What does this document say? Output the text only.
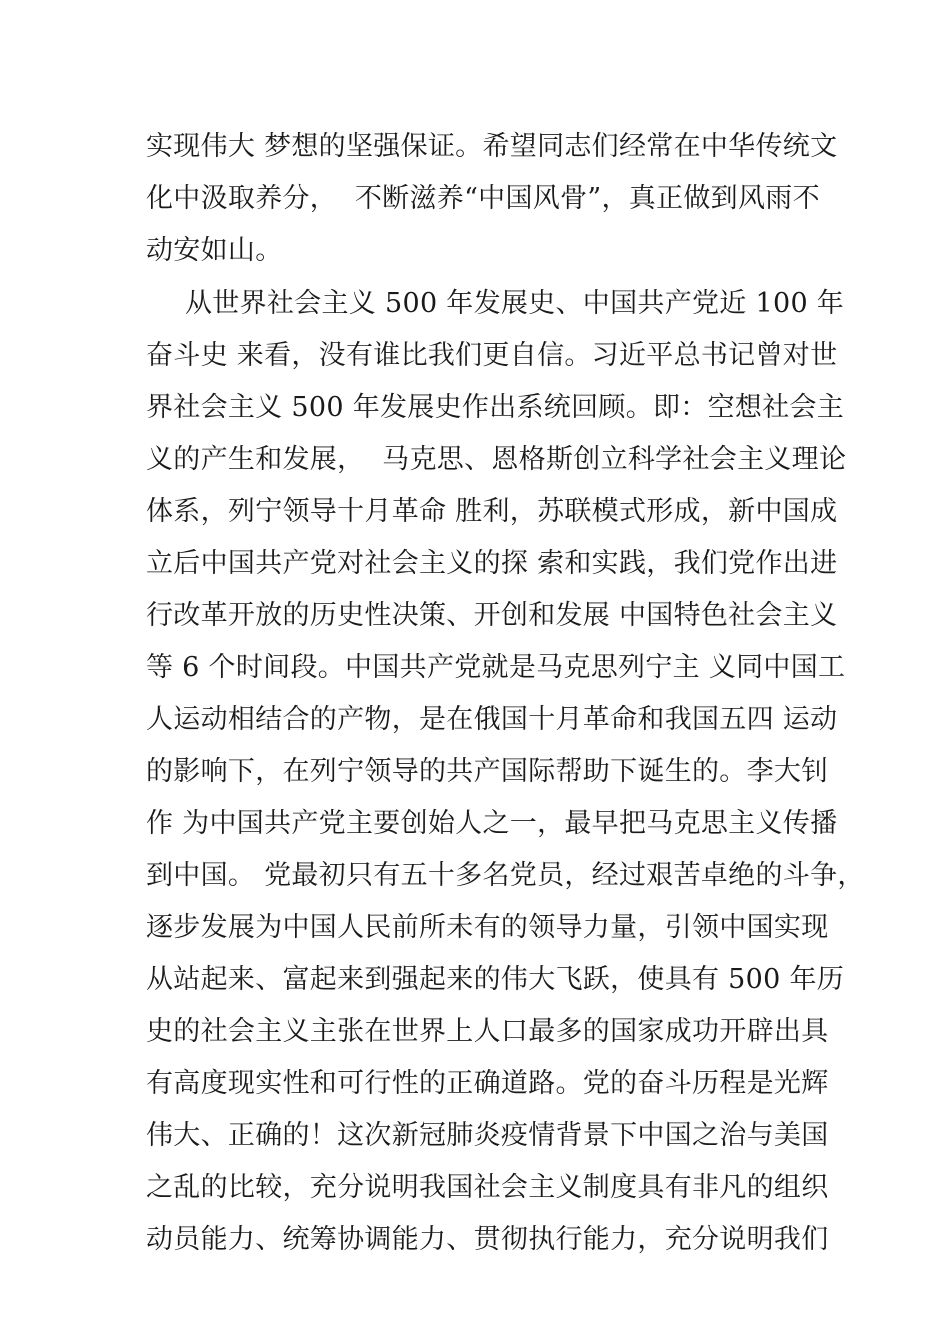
实现伟大 梦想的坚强保证。希望同志们经常在中华传统文
化中汲取养分，  不断滋养“中国风骨”，真正做到风雨不
动安如山。
从世界社会主义 500 年发展史、中国共产党近 100 年
奋斗史 来看，没有谁比我们更自信。习近平总书记曾对世
界社会主义 500 年发展史作出系统回顾。即：空想社会主
义的产生和发展，  马克思、恩格斯创立科学社会主义理论
体系，列宁领导十月革命 胜利，苏联模式形成，新中国成
立后中国共产党对社会主义的探 索和实践，我们党作出进
行改革开放的历史性决策、开创和发展 中国特色社会主义
等 6 个时间段。中国共产党就是马克思列宁主 义同中国工
人运动相结合的产物，是在俄国十月革命和我国五四 运动
的影响下，在列宁领导的共产国际帮助下诞生的。李大钊
作 为中国共产党主要创始人之一，最早把马克思主义传播
到中国。 党最初只有五十多名党员，经过艰苦卓绝的斗争，
逐步发展为中国人民前所未有的领导力量，引领中国实现
从站起来、富起来到强起来的伟大飞跃，使具有 500 年历
史的社会主义主张在世界上人口最多的国家成功开辟出具
有高度现实性和可行性的正确道路。党的奋斗历程是光辉
伟大、正确的！这次新冠肺炎疫情背景下中国之治与美国
之乱的比较，充分说明我国社会主义制度具有非凡的组织
动员能力、统筹协调能力、贯彻执行能力，充分说明我们
